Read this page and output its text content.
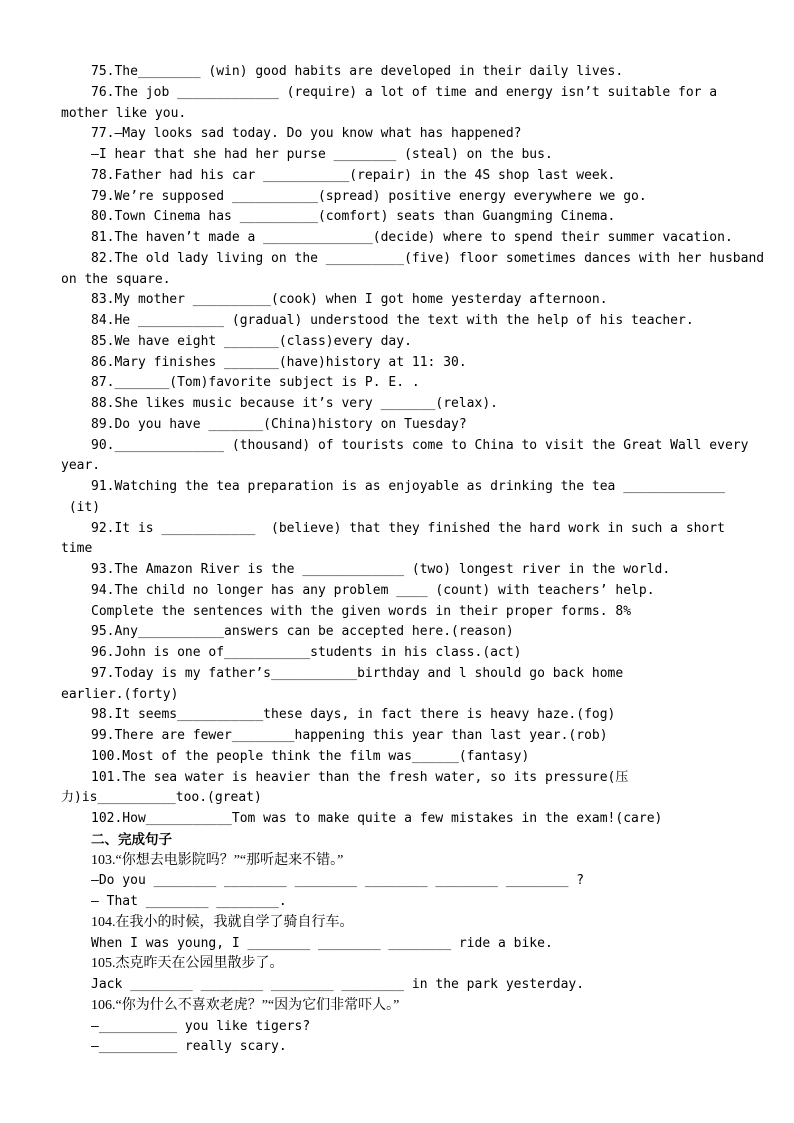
75.The________ (win) good habits are developed in their daily lives.
76.The job _____________ (require) a lot of time and energy isn’t suitable for a
mother like you.
77.—May looks sad today. Do you know what has happened?
—I hear that she had her purse ________ (steal) on the bus.
78.Father had his car ___________(repair) in the 4S shop last week.
79.We’re supposed ___________(spread) positive energy everywhere we go.
80.Town Cinema has __________(comfort) seats than Guangming Cinema.
81.The haven’t made a ______________(decide) where to spend their summer vacation.
82.The old lady living on the __________(five) floor sometimes dances with her husband
on the square.
83.My mother __________(cook) when I got home yesterday afternoon.
84.He ___________ (gradual) understood the text with the help of his teacher.
85.We have eight _______(class)every day.
86.Mary finishes _______(have)history at 11: 30.
87._______(Tom)favorite subject is P. E. .
88.She likes music because it’s very _______(relax).
89.Do you have _______(China)history on Tuesday?
90.______________ (thousand) of tourists come to China to visit the Great Wall every
year.
91.Watching the tea preparation is as enjoyable as drinking the tea _____________
(it)
92.It is ____________  (believe) that they finished the hard work in such a short
time
93.The Amazon River is the _____________ (two) longest river in the world.
94.The child no longer has any problem ____ (count) with teachers’ help.
Complete the sentences with the given words in their proper forms. 8%
95.Any___________answers can be accepted here.(reason)
96.John is one of___________students in his class.(act)
97.Today is my father’s___________birthday and l should go back home
earlier.(forty)
98.It seems___________these days, in fact there is heavy haze.(fog)
99.There are fewer________happening this year than last year.(rob)
100.Most of the people think the film was______(fantasy)
101.The sea water is heavier than the fresh water, so its pressure(压
力)is__________too.(great)
102.How___________Tom was to make quite a few mistakes in the exam!(care)
二、完成句子
103.“你想去电影院吗？”“那听起来不错。”
—Do you ________ ________ ________ ________ ________ ________ ?
— That ________ ________.
104.在我小的时候，我就自学了骑自行车。
When I was young, I ________ ________ ________ ride a bike.
105.杰克昨天在公园里散步了。
Jack ________ ________ ________ ________ in the park yesterday.
106.“你为什么不喜欢老虎？”“因为它们非常吓人。”
—__________ you like tigers?
—__________ really scary.
